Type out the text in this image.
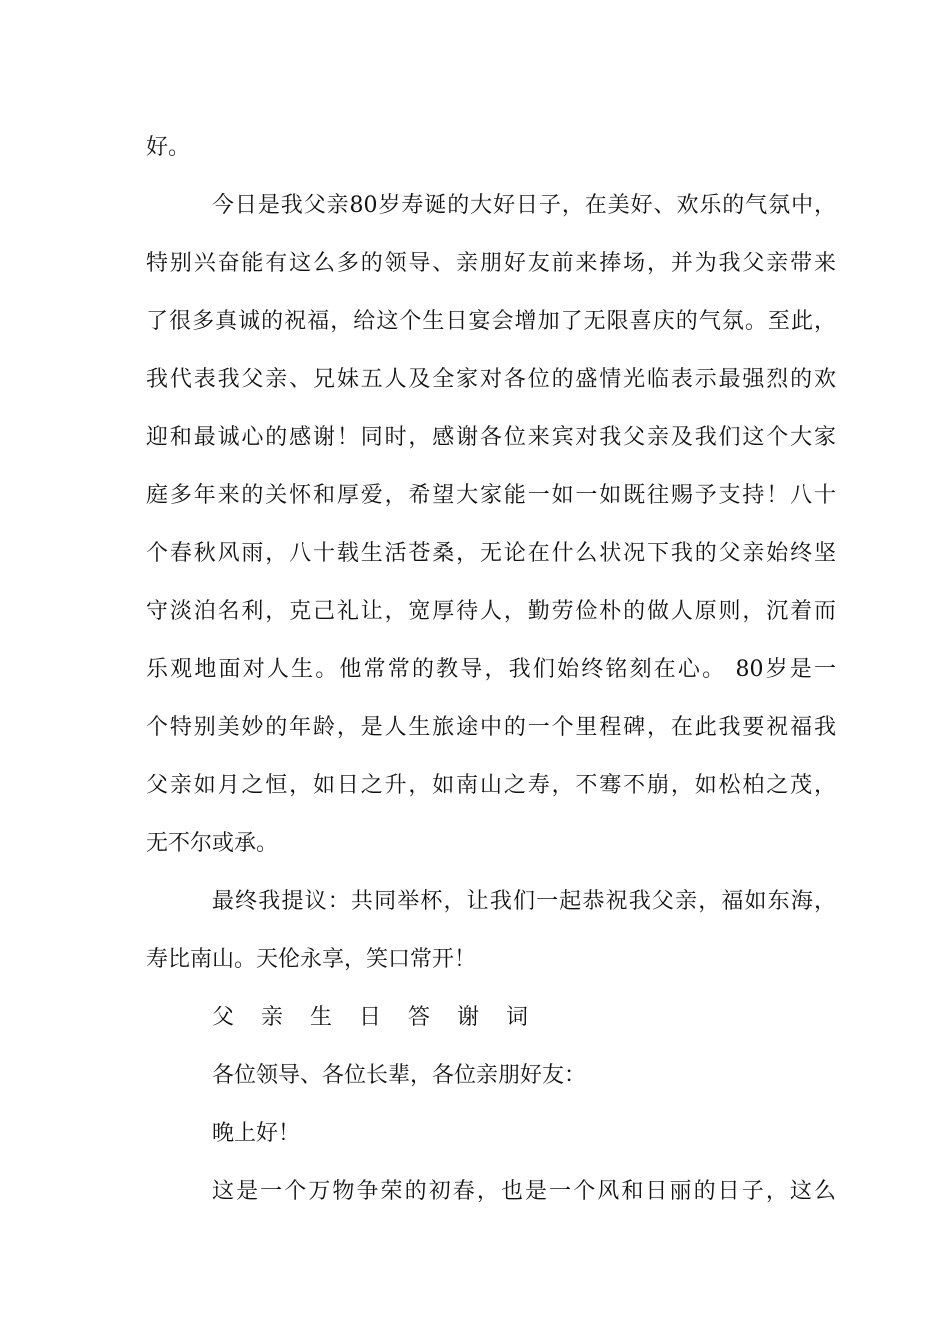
好。
今日是我父亲80岁寿诞的大好日子，在美好、欢乐的气氛中，
特别兴奋能有这么多的领导、亲朋好友前来捧场，并为我父亲带来
了很多真诚的祝福，给这个生日宴会增加了无限喜庆的气氛。至此，
我代表我父亲、兄妹五人及全家对各位的盛情光临表示最强烈的欢
迎和最诚心的感谢！同时，感谢各位来宾对我父亲及我们这个大家
庭多年来的关怀和厚爱，希望大家能一如一如既往赐予支持！八十
个春秋风雨，八十载生活苍桑，无论在什么状况下我的父亲始终坚
守淡泊名利，克己礼让，宽厚待人，勤劳俭朴的做人原则，沉着而
乐观地面对人生。他常常的教导，我们始终铭刻在心。 80岁是一
个特别美妙的年龄，是人生旅途中的一个里程碑，在此我要祝福我
父亲如月之恒，如日之升，如南山之寿，不骞不崩，如松柏之茂，
无不尔或承。
最终我提议：共同举杯，让我们一起恭祝我父亲，福如东海，
寿比南山。天伦永享，笑口常开！
父 亲 生 日 答 谢 词
各位领导、各位长辈，各位亲朋好友：
晚上好！
这是一个万物争荣的初春，也是一个风和日丽的日子，这么
